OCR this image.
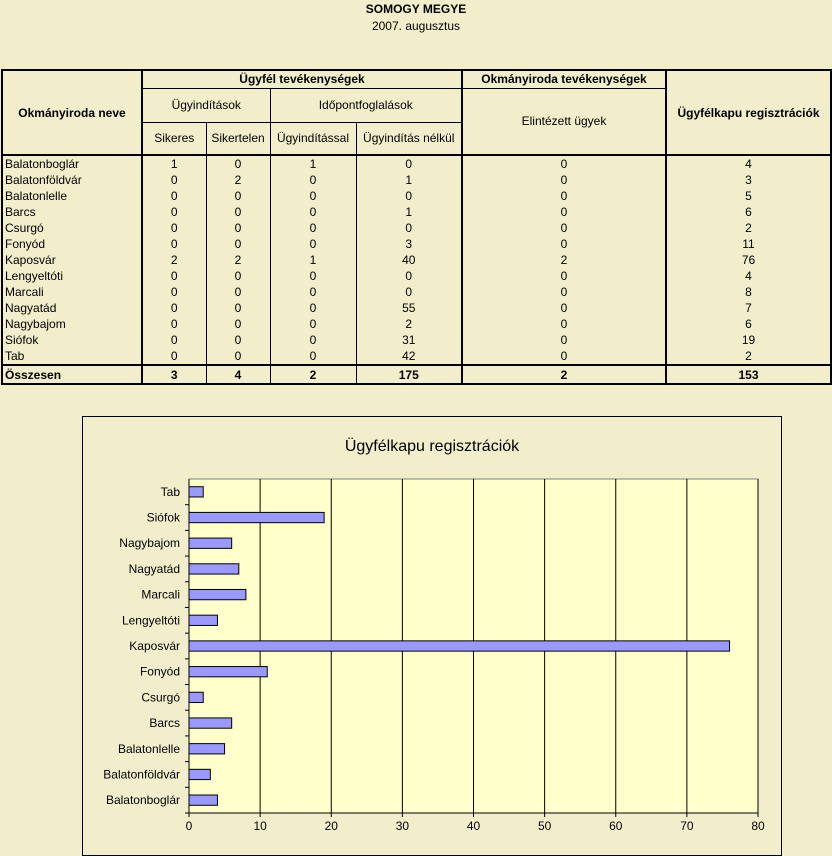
SOMOGY MEGYE
2007. augusztus
Okmányiroda neve	Ügyfél tevékenységek				Okmányiroda tevékenységek	Ügyfélkapu regisztrációk
	Ügyindítások		Időpontfoglalások		Elintézett ügyek	
	Sikeres	Sikertelen	Ügyindítással	Ügyindítás nélkül		
Balatonboglár	1	0	1	0	0	4
Balatonföldvár	0	2	0	1	0	3
Balatonlelle	0	0	0	0	0	5
Barcs	0	0	0	1	0	6
Csurgó	0	0	0	0	0	2
Fonyód	0	0	0	3	0	11
Kaposvár	2	2	1	40	2	76
Lengyeltóti	0	0	0	0	0	4
Marcali	0	0	0	0	0	8
Nagyatád	0	0	0	55	0	7
Nagybajom	0	0	0	2	0	6
Siófok	0	0	0	31	0	19
Tab	0	0	0	42	0	2
Összesen	3	4	2	175	2	153
Ügyfélkapu regisztrációk
0	10	20	30	40	50	60	70	80
Balatonboglár
Balatonföldvár
Balatonlelle
Barcs
Csurgó
Fonyód
Kaposvár
Lengyeltóti
Marcali
Nagyatád
Nagybajom
Siófok
Tab
